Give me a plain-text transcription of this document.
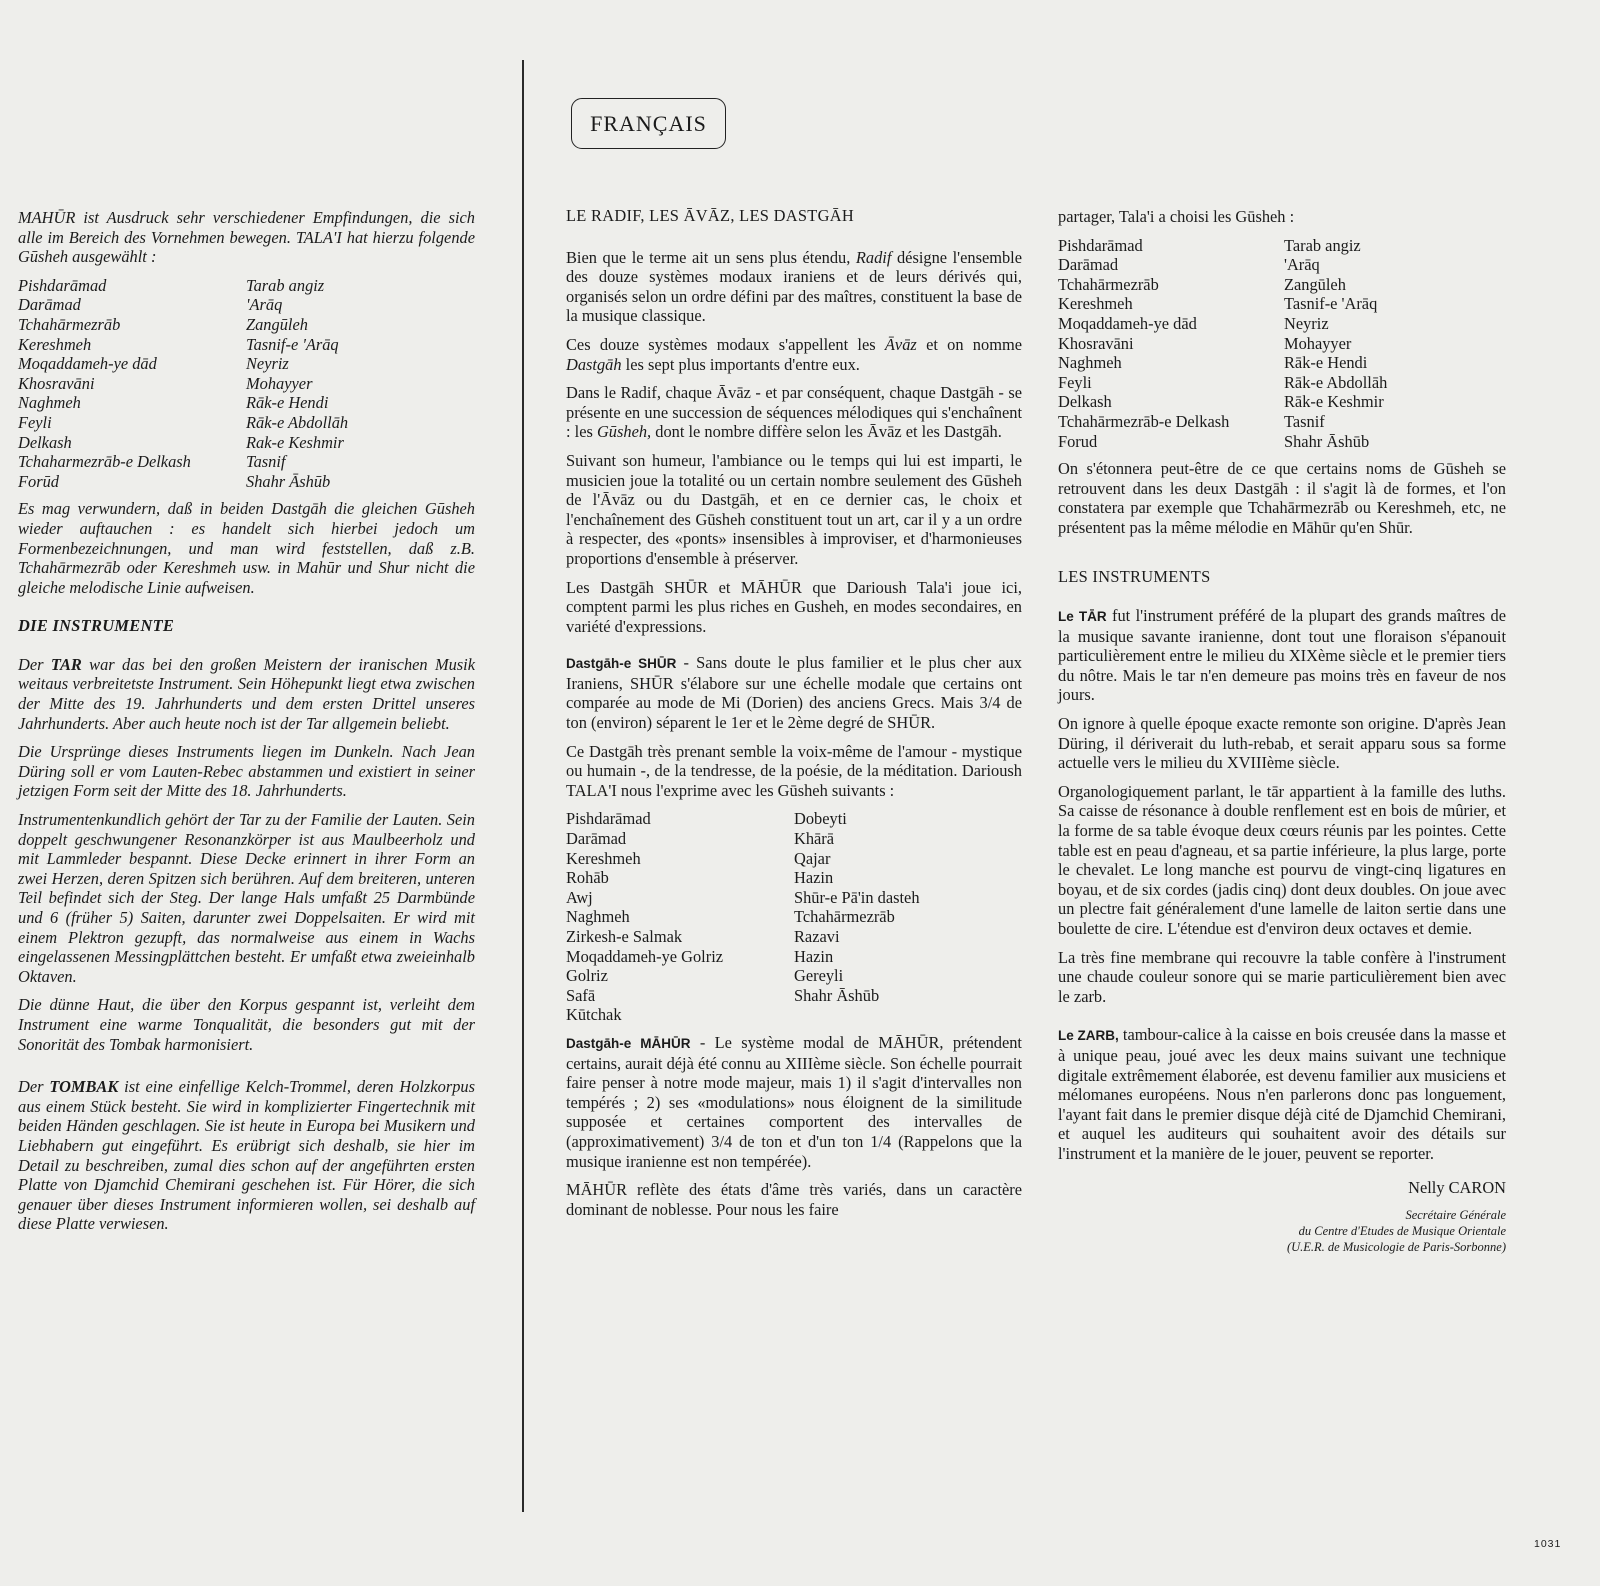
FRANÇAIS

MAHŪR ist Ausdruck sehr verschiedener Empfindungen, die sich alle im Bereich des Vornehmen bewegen. TALA'I hat hierzu folgende Gūsheh ausgewählt :

Pishdarāmad	Tarab angiz
Darāmad	'Arāq
Tchahārmezrāb	Zangūleh
Kereshmeh	Tasnif-e 'Arāq
Moqaddameh-ye dād	Neyriz
Khosravāni	Mohayyer
Naghmeh	Rāk-e Hendi
Feyli	Rāk-e Abdollāh
Delkash	Rak-e Keshmir
Tchaharmezrāb-e Delkash	Tasnif
Forūd	Shahr Āshūb

Es mag verwundern, daß in beiden Dastgāh die gleichen Gūsheh wieder auftauchen : es handelt sich hierbei jedoch um Formenbezeichnungen, und man wird feststellen, daß z.B. Tchahārmezrāb oder Kereshmeh usw. in Mahūr und Shur nicht die gleiche melodische Linie aufweisen.

DIE INSTRUMENTE

Der TAR war das bei den großen Meistern der iranischen Musik weitaus verbreitetste Instrument. Sein Höhepunkt liegt etwa zwischen der Mitte des 19. Jahrhunderts und dem ersten Drittel unseres Jahrhunderts. Aber auch heute noch ist der Tar allgemein beliebt.

Die Ursprünge dieses Instruments liegen im Dunkeln. Nach Jean Düring soll er vom Lauten-Rebec abstammen und existiert in seiner jetzigen Form seit der Mitte des 18. Jahrhunderts.

Instrumentenkundlich gehört der Tar zu der Familie der Lauten. Sein doppelt geschwungener Resonanzkörper ist aus Maulbeerholz und mit Lammleder bespannt. Diese Decke erinnert in ihrer Form an zwei Herzen, deren Spitzen sich berühren. Auf dem breiteren, unteren Teil befindet sich der Steg. Der lange Hals umfaßt 25 Darmbünde und 6 (früher 5) Saiten, darunter zwei Doppelsaiten. Er wird mit einem Plektron gezupft, das normalweise aus einem in Wachs eingelassenen Messingplättchen besteht. Er umfaßt etwa zweieinhalb Oktaven.

Die dünne Haut, die über den Korpus gespannt ist, verleiht dem Instrument eine warme Tonqualität, die besonders gut mit der Sonorität des Tombak harmonisiert.

Der TOMBAK ist eine einfellige Kelch-Trommel, deren Holzkorpus aus einem Stück besteht. Sie wird in komplizierter Fingertechnik mit beiden Händen geschlagen. Sie ist heute in Europa bei Musikern und Liebhabern gut eingeführt. Es erübrigt sich deshalb, sie hier im Detail zu beschreiben, zumal dies schon auf der angeführten ersten Platte von Djamchid Chemirani geschehen ist. Für Hörer, die sich genauer über dieses Instrument informieren wollen, sei deshalb auf diese Platte verwiesen.

LE RADIF, LES ĀVĀZ, LES DASTGĀH

Bien que le terme ait un sens plus étendu, Radif désigne l'ensemble des douze systèmes modaux iraniens et de leurs dérivés qui, organisés selon un ordre défini par des maîtres, constituent la base de la musique classique.

Ces douze systèmes modaux s'appellent les Āvāz et on nomme Dastgāh les sept plus importants d'entre eux.

Dans le Radif, chaque Āvāz - et par conséquent, chaque Dastgāh - se présente en une succession de séquences mélodiques qui s'enchaînent : les Gūsheh, dont le nombre diffère selon les Āvāz et les Dastgāh.

Suivant son humeur, l'ambiance ou le temps qui lui est imparti, le musicien joue la totalité ou un certain nombre seulement des Gūsheh de l'Āvāz ou du Dastgāh, et en ce dernier cas, le choix et l'enchaînement des Gūsheh constituent tout un art, car il y a un ordre à respecter, des «ponts» insensibles à improviser, et d'harmonieuses proportions d'ensemble à préserver.

Les Dastgāh SHŪR et MĀHŪR que Darioush Tala'i joue ici, comptent parmi les plus riches en Gusheh, en modes secondaires, en variété d'expressions.

Dastgāh-e SHŪR - Sans doute le plus familier et le plus cher aux Iraniens, SHŪR s'élabore sur une échelle modale que certains ont comparée au mode de Mi (Dorien) des anciens Grecs. Mais 3/4 de ton (environ) séparent le 1er et le 2ème degré de SHŪR.

Ce Dastgāh très prenant semble la voix-même de l'amour - mystique ou humain -, de la tendresse, de la poésie, de la méditation. Darioush TALA'I nous l'exprime avec les Gūsheh suivants :

Pishdarāmad	Dobeyti
Darāmad	Khārā
Kereshmeh	Qajar
Rohāb	Hazin
Awj	Shūr-e Pā'in dasteh
Naghmeh	Tchahārmezrāb
Zirkesh-e Salmak	Razavi
Moqaddameh-ye Golriz	Hazin
Golriz	Gereyli
Safā	Shahr Āshūb
Kūtchak

Dastgāh-e MĀHŪR - Le système modal de MĀHŪR, prétendent certains, aurait déjà été connu au XIIIème siècle. Son échelle pourrait faire penser à notre mode majeur, mais 1) il s'agit d'intervalles non tempérés ; 2) ses «modulations» nous éloignent de la similitude supposée et certaines comportent des intervalles de (approximativement) 3/4 de ton et d'un ton 1/4 (Rappelons que la musique iranienne est non tempérée).

MĀHŪR reflète des états d'âme très variés, dans un caractère dominant de noblesse. Pour nous les faire

partager, Tala'i a choisi les Gūsheh :

Pishdarāmad	Tarab angiz
Darāmad	'Arāq
Tchahārmezrāb	Zangūleh
Kereshmeh	Tasnif-e 'Arāq
Moqaddameh-ye dād	Neyriz
Khosravāni	Mohayyer
Naghmeh	Rāk-e Hendi
Feyli	Rāk-e Abdollāh
Delkash	Rāk-e Keshmir
Tchahārmezrāb-e Delkash	Tasnif
Forud	Shahr Āshūb

On s'étonnera peut-être de ce que certains noms de Gūsheh se retrouvent dans les deux Dastgāh : il s'agit là de formes, et l'on constatera par exemple que Tchahārmezrāb ou Kereshmeh, etc, ne présentent pas la même mélodie en Māhūr qu'en Shūr.

LES INSTRUMENTS

Le TĀR fut l'instrument préféré de la plupart des grands maîtres de la musique savante iranienne, dont tout une floraison s'épanouit particulièrement entre le milieu du XIXème siècle et le premier tiers du nôtre. Mais le tar n'en demeure pas moins très en faveur de nos jours.

On ignore à quelle époque exacte remonte son origine. D'après Jean Düring, il dériverait du luth-rebab, et serait apparu sous sa forme actuelle vers le milieu du XVIIIème siècle.

Organologiquement parlant, le tār appartient à la famille des luths. Sa caisse de résonance à double renflement est en bois de mûrier, et la forme de sa table évoque deux cœurs réunis par les pointes. Cette table est en peau d'agneau, et sa partie inférieure, la plus large, porte le chevalet. Le long manche est pourvu de vingt-cinq ligatures en boyau, et de six cordes (jadis cinq) dont deux doubles. On joue avec un plectre fait généralement d'une lamelle de laiton sertie dans une boulette de cire. L'étendue est d'environ deux octaves et demie.

La très fine membrane qui recouvre la table confère à l'instrument une chaude couleur sonore qui se marie particulièrement bien avec le zarb.

Le ZARB, tambour-calice à la caisse en bois creusée dans la masse et à unique peau, joué avec les deux mains suivant une technique digitale extrêmement élaborée, est devenu familier aux musiciens et mélomanes européens. Nous n'en parlerons donc pas longuement, l'ayant fait dans le premier disque déjà cité de Djamchid Chemirani, et auquel les auditeurs qui souhaitent avoir des détails sur l'instrument et la manière de le jouer, peuvent se reporter.

Nelly CARON
Secrétaire Générale
du Centre d'Etudes de Musique Orientale
(U.E.R. de Musicologie de Paris-Sorbonne)
1031
